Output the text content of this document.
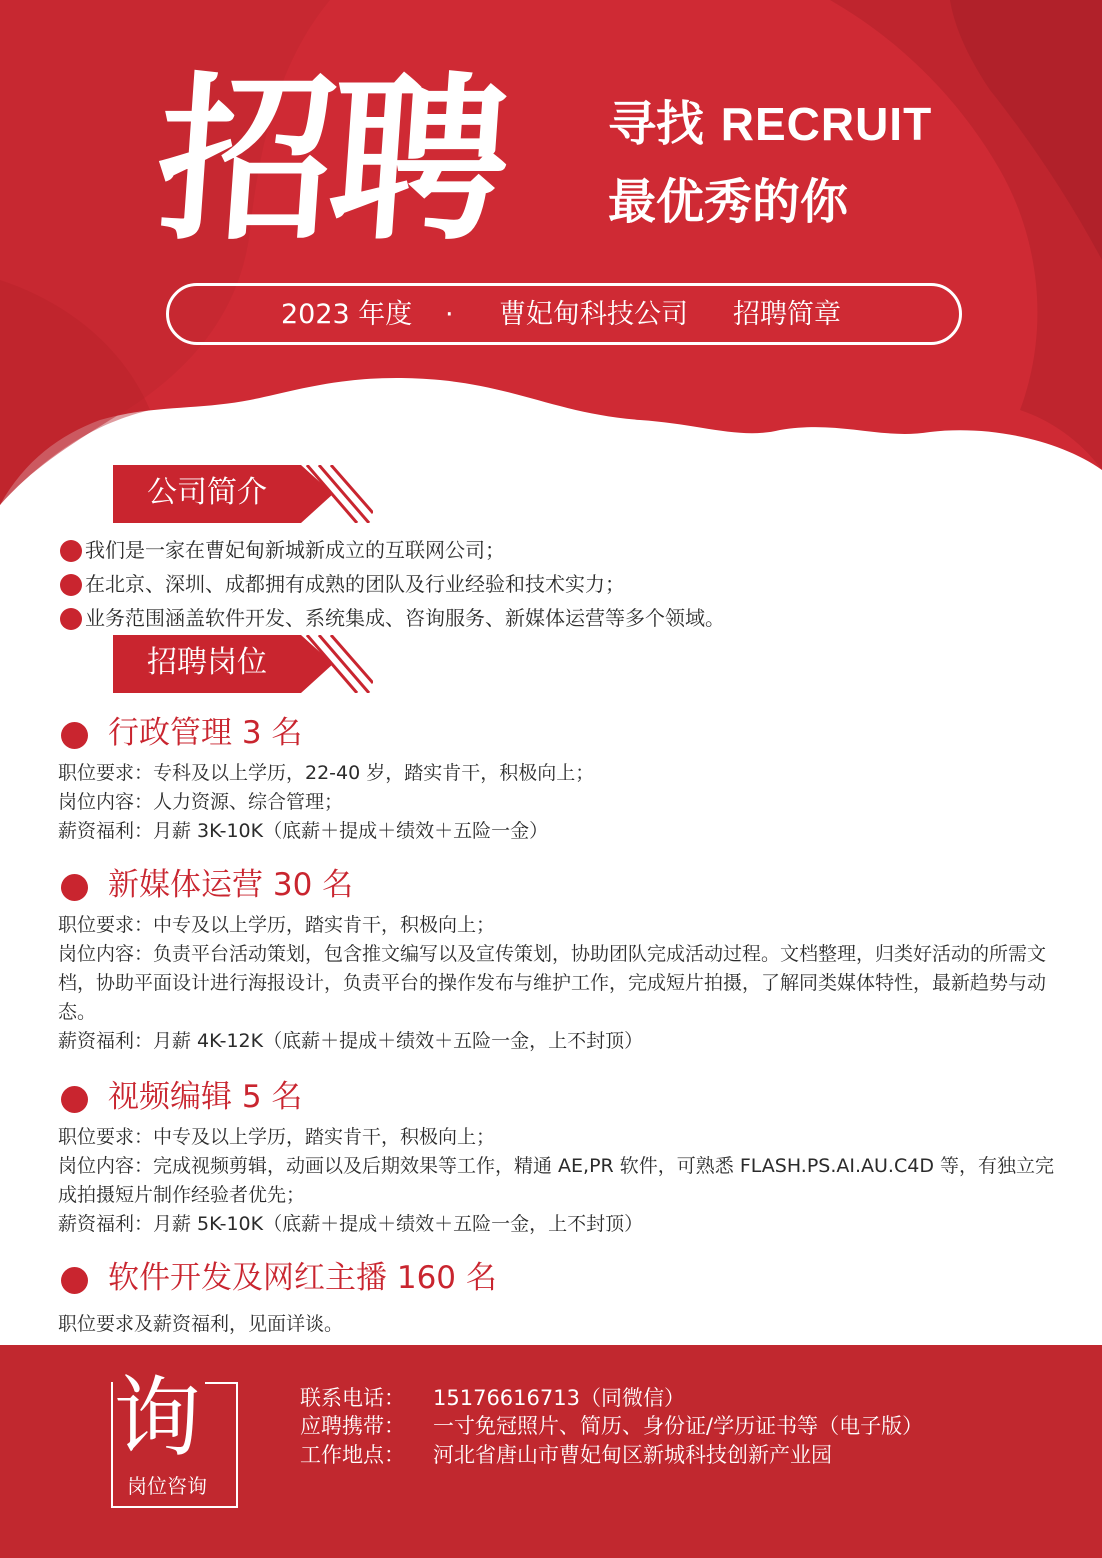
招聘 寻找 RECRUIT
最优秀的你
2023 年度 · 曹妃甸科技公司 招聘简章
公司简介
我们是一家在曹妃甸新城新成立的互联网公司；
在北京、深圳、成都拥有成熟的团队及行业经验和技术实力；
业务范围涵盖软件开发、系统集成、咨询服务、新媒体运营等多个领域。
招聘岗位
行政管理 3 名
职位要求：专科及以上学历，22-40 岁，踏实肯干，积极向上；
岗位内容：人力资源、综合管理；
薪资福利：月薪 3K-10K（底薪＋提成＋绩效＋五险一金）
新媒体运营 30 名
职位要求：中专及以上学历，踏实肯干，积极向上；
岗位内容：负责平台活动策划，包含推文编写以及宣传策划，协助团队完成活动过程。文档整理，归类好活动的所需文档，协助平面设计进行海报设计，负责平台的操作发布与维护工作，完成短片拍摄，了解同类媒体特性，最新趋势与动态。
薪资福利：月薪 4K-12K（底薪＋提成＋绩效＋五险一金，上不封顶）
视频编辑 5 名
职位要求：中专及以上学历，踏实肯干，积极向上；
岗位内容：完成视频剪辑，动画以及后期效果等工作，精通 AE,PR 软件，可熟悉 FLASH.PS.AI.AU.C4D 等，有独立完成拍摄短片制作经验者优先；
薪资福利：月薪 5K-10K（底薪＋提成＋绩效＋五险一金，上不封顶）
软件开发及网红主播 160 名
职位要求及薪资福利，见面详谈。
询
岗位咨询
联系电话： 15176616713（同微信）
应聘携带： 一寸免冠照片、简历、身份证/学历证书等（电子版）
工作地点： 河北省唐山市曹妃甸区新城科技创新产业园
